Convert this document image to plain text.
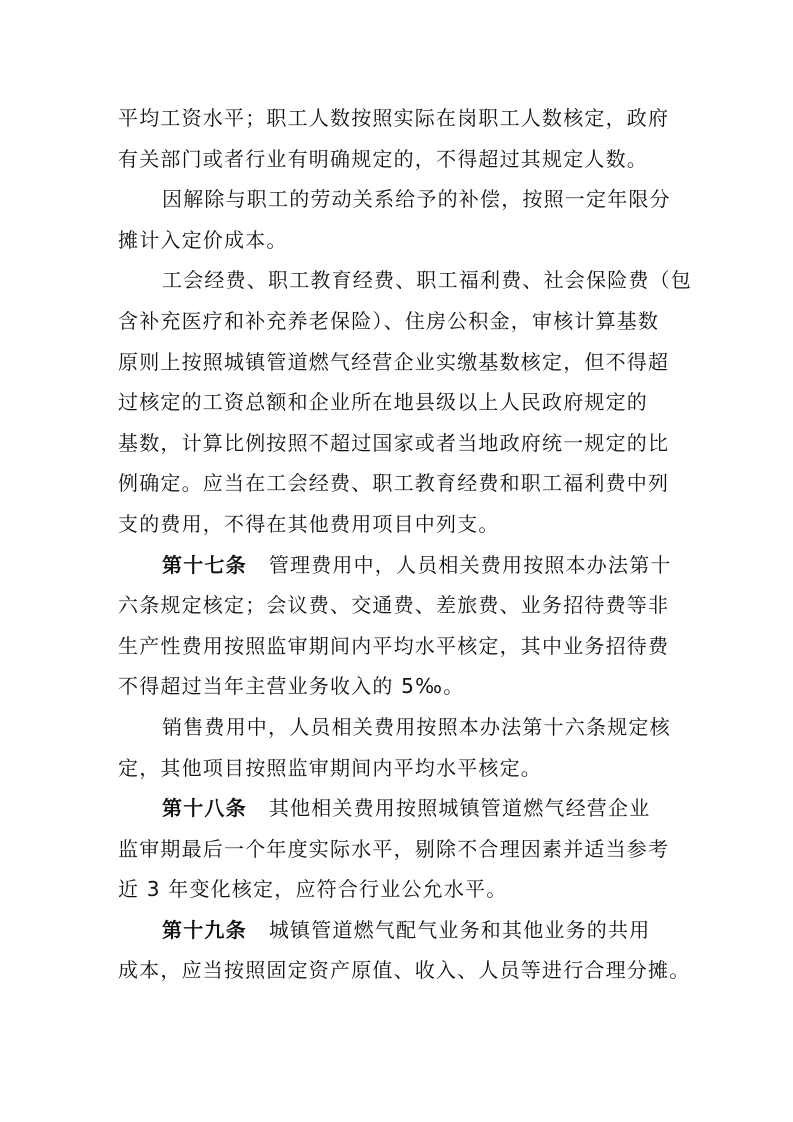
平均工资水平；职工人数按照实际在岗职工人数核定，政府
有关部门或者行业有明确规定的，不得超过其规定人数。
因解除与职工的劳动关系给予的补偿，按照一定年限分
摊计入定价成本。
工会经费、职工教育经费、职工福利费、社会保险费（包
含补充医疗和补充养老保险）、住房公积金，审核计算基数
原则上按照城镇管道燃气经营企业实缴基数核定，但不得超
过核定的工资总额和企业所在地县级以上人民政府规定的
基数，计算比例按照不超过国家或者当地政府统一规定的比
例确定。应当在工会经费、职工教育经费和职工福利费中列
支的费用，不得在其他费用项目中列支。
第十七条 管理费用中，人员相关费用按照本办法第十
六条规定核定；会议费、交通费、差旅费、业务招待费等非
生产性费用按照监审期间内平均水平核定，其中业务招待费
不得超过当年主营业务收入的 5‰。
销售费用中，人员相关费用按照本办法第十六条规定核
定，其他项目按照监审期间内平均水平核定。
第十八条 其他相关费用按照城镇管道燃气经营企业
监审期最后一个年度实际水平，剔除不合理因素并适当参考
近 3 年变化核定，应符合行业公允水平。
第十九条 城镇管道燃气配气业务和其他业务的共用
成本，应当按照固定资产原值、收入、人员等进行合理分摊。
